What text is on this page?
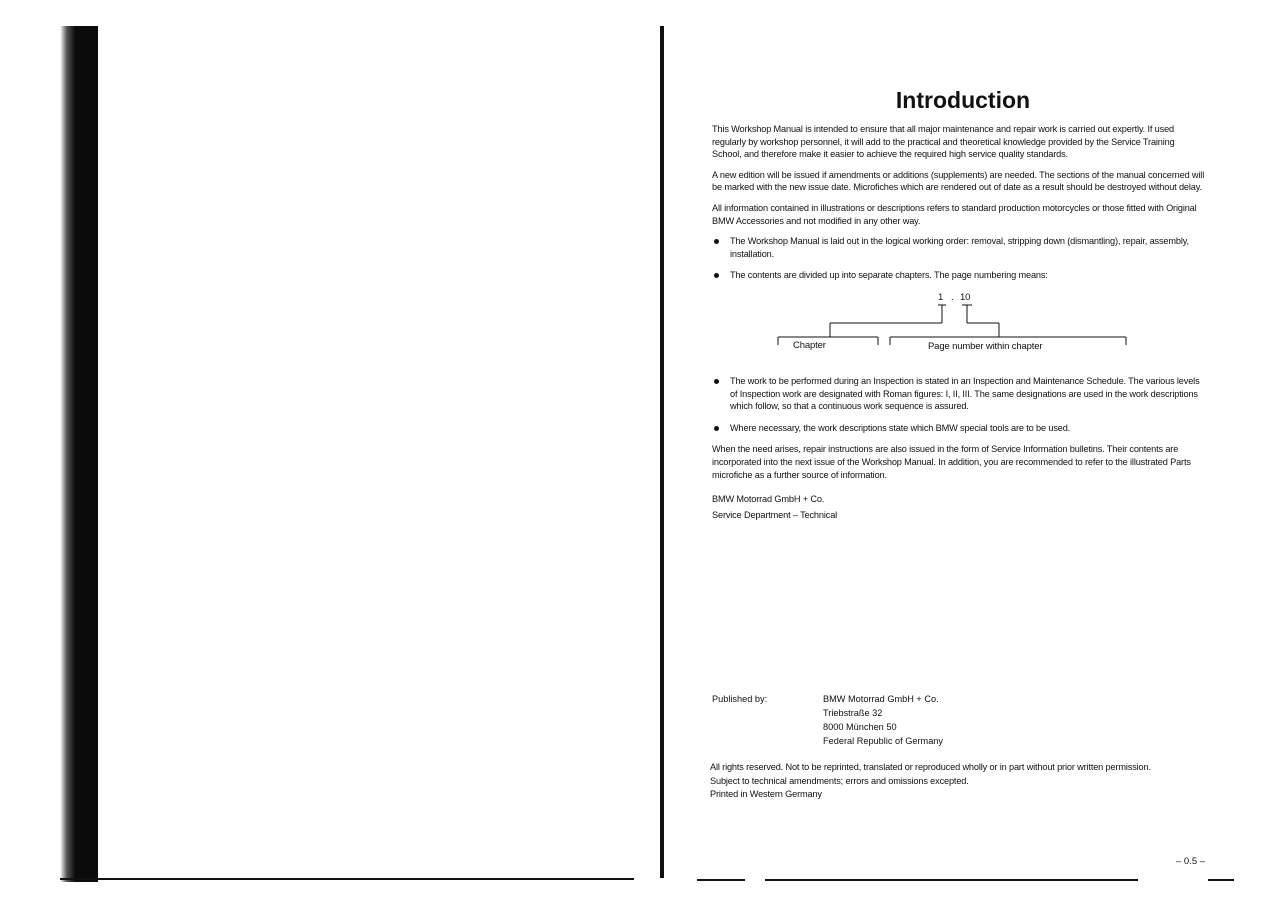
Introduction

This Workshop Manual is intended to ensure that all major maintenance and repair work is carried out expertly. If used regularly by workshop personnel, it will add to the practical and theoretical knowledge provided by the Service Training School, and therefore make it easier to achieve the required high service quality standards.

A new edition will be issued if amendments or additions (supplements) are needed. The sections of the manual concerned will be marked with the new issue date. Microfiches which are rendered out of date as a result should be destroyed without delay.

All information contained in illustrations or descriptions refers to standard production motorcycles or those fitted with Original BMW Accessories and not modified in any other way.

The Workshop Manual is laid out in the logical working order: removal, stripping down (dismantling), repair, assembly, installation.
The contents are divided up into separate chapters. The page numbering means:
1 . 10
Chapter	Page number within chapter
The work to be performed during an Inspection is stated in an Inspection and Maintenance Schedule. The various levels of Inspection work are designated with Roman figures: I, II, III. The same designations are used in the work descriptions which follow, so that a continuous work sequence is assured.
Where necessary, the work descriptions state which BMW special tools are to be used.

When the need arises, repair instructions are also issued in the form of Service Information bulletins. Their contents are incorporated into the next issue of the Workshop Manual. In addition, you are recommended to refer to the illustrated Parts microfiche as a further source of information.

BMW Motorrad GmbH + Co.

Service Department – Technical

Published by:	BMW Motorrad GmbH + Co.
Triebstraße 32
8000 München 50
Federal Republic of Germany
All rights reserved. Not to be reprinted, translated or reproduced wholly or in part without prior written permission.
Subject to technical amendments; errors and omissions excepted.
Printed in Western Germany
– 0.5 –
